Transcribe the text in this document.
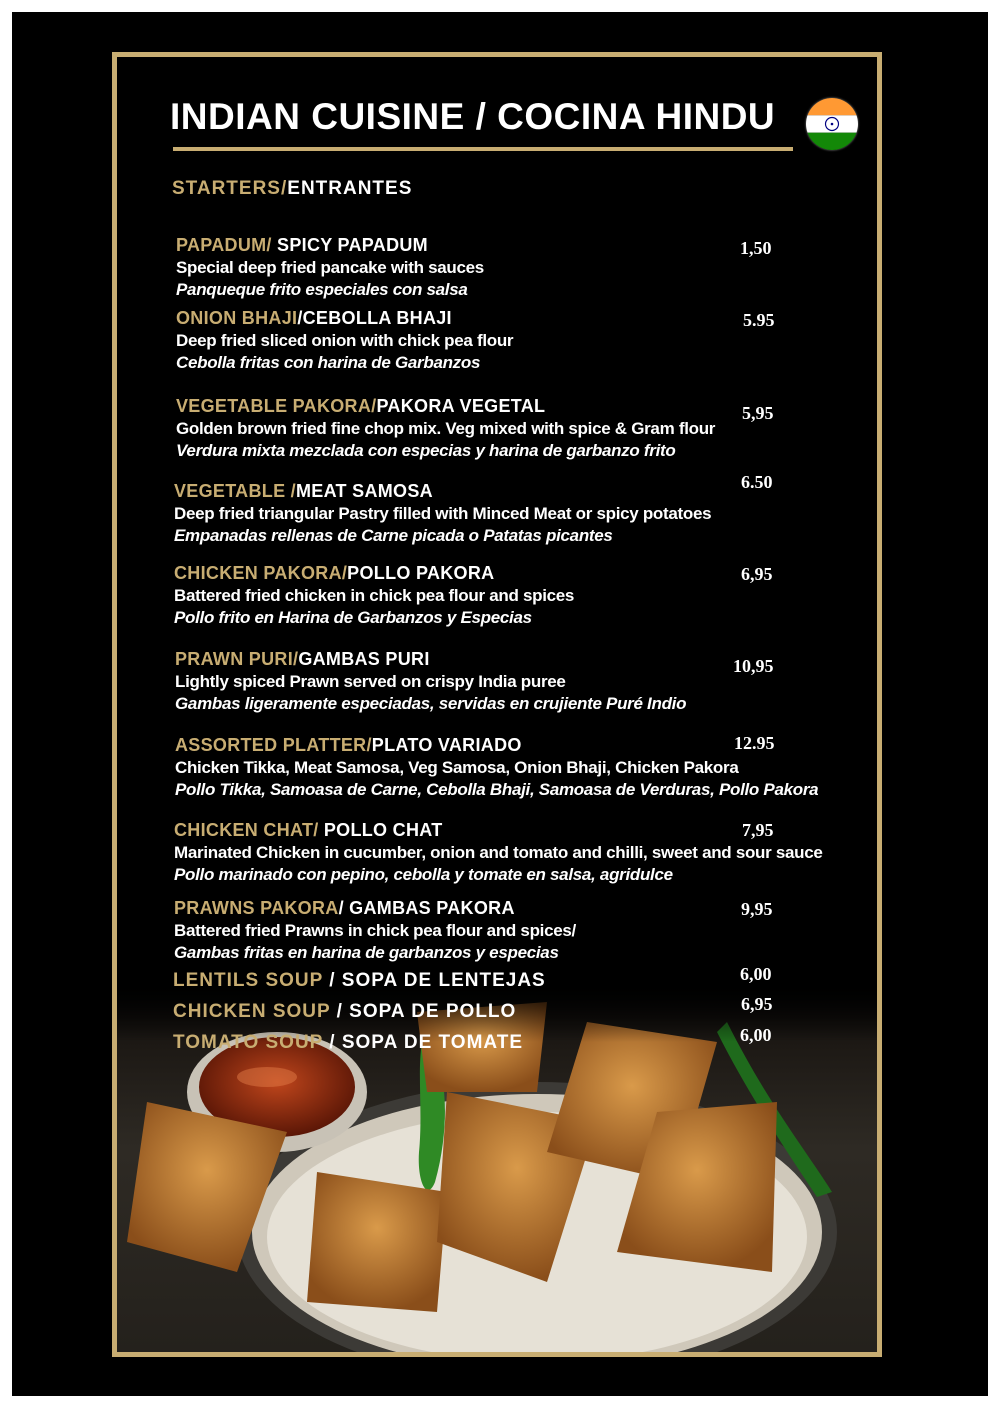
INDIAN CUISINE / COCINA HINDU
STARTERS/ENTRANTES
PAPADUM/ SPICY PAPADUM
Special deep fried pancake with sauces
Panqueque frito especiales con salsa
1,50
ONION BHAJI/CEBOLLA BHAJI
Deep fried sliced onion with chick pea flour
Cebolla fritas con harina de Garbanzos
5.95
VEGETABLE PAKORA/PAKORA VEGETAL
Golden brown fried fine chop mix. Veg mixed with spice & Gram flour
Verdura mixta mezclada con especias y harina de garbanzo frito
5,95
VEGETABLE /MEAT SAMOSA
Deep fried triangular Pastry filled with Minced Meat or spicy potatoes
Empanadas rellenas de Carne picada o Patatas picantes
6.50
CHICKEN PAKORA/POLLO PAKORA
Battered fried chicken in chick pea flour and spices
Pollo frito en Harina de Garbanzos y Especias
6,95
PRAWN PURI/GAMBAS PURI
Lightly spiced Prawn served on crispy India puree
Gambas ligeramente especiadas, servidas en crujiente Puré Indio
10,95
ASSORTED PLATTER/PLATO VARIADO
Chicken Tikka, Meat Samosa, Veg Samosa, Onion Bhaji, Chicken Pakora
Pollo Tikka, Samoasa de Carne, Cebolla Bhaji, Samoasa de Verduras, Pollo Pakora
12.95
CHICKEN CHAT/ POLLO CHAT
Marinated Chicken in cucumber, onion and tomato and chilli, sweet and sour sauce
Pollo marinado con pepino, cebolla y tomate en salsa, agridulce
7,95
PRAWNS PAKORA/ GAMBAS PAKORA
Battered fried Prawns in chick pea flour and spices/
Gambas fritas en harina de garbanzos y especias
9,95
LENTILS SOUP / SOPA DE LENTEJAS	6,00
CHICKEN SOUP / SOPA DE POLLO	6,95
TOMATO SOUP / SOPA DE TOMATE	6,00
